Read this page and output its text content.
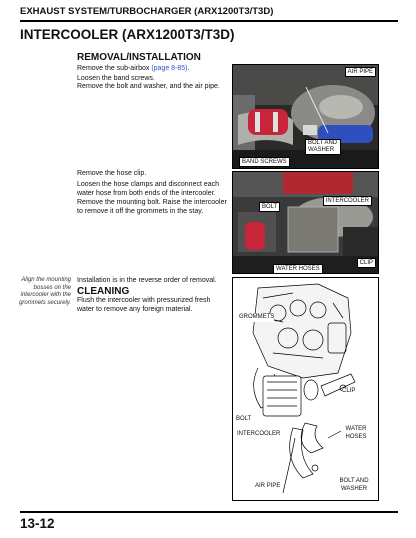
EXHAUST SYSTEM/TURBOCHARGER (ARX1200T3/T3D)
INTERCOOLER (ARX1200T3/T3D)
REMOVAL/INSTALLATION
Remove the sub-airbox (page 8-85).
Loosen the band screws.
Remove the bolt and washer, and the air pipe.
Remove the hose clip.
Loosen the hose clamps and disconnect each water hose from both ends of the intercooler.
Remove the mounting bolt. Raise the intercooler to remove it off the grommets in the stay.
Align the mounting bosses on the intercooler with the grommets securely.
Installation is in the reverse order of removal.
CLEANING
Flush the intercooler with pressurized fresh water to remove any foreign material.
AIR PIPE
BOLT AND WASHER
BAND SCREWS
INTERCOOLER
BOLT
CLIP
WATER HOSES
GROMMETS
CLIP
BOLT
WATER HOSES
INTERCOOLER
AIR PIPE
BOLT AND WASHER
13-12
